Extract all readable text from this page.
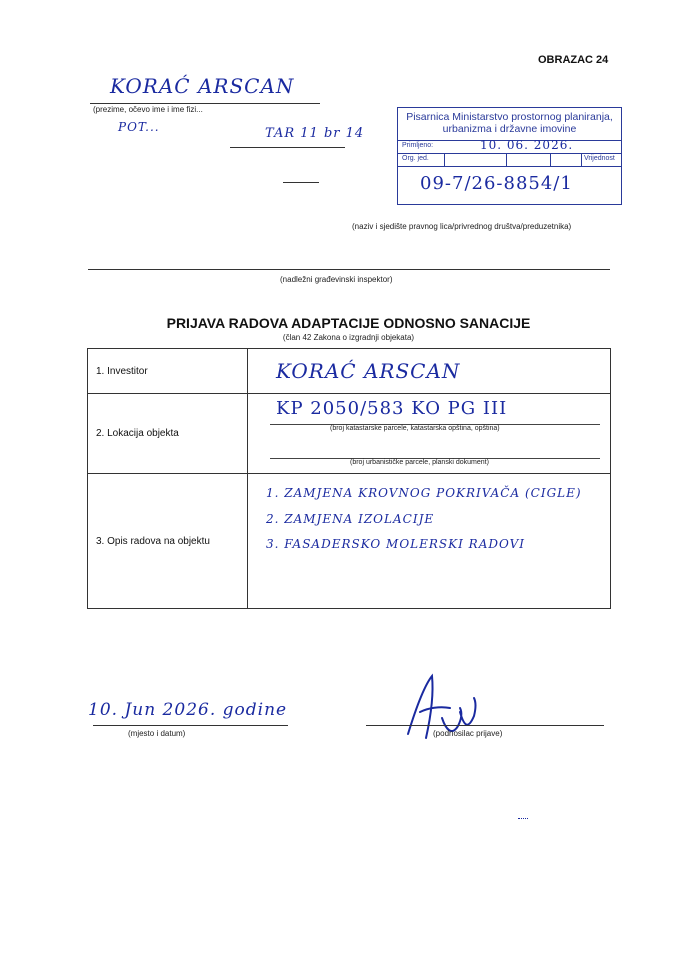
OBRAZAC 24
KORAĆ ARSCAN
(prezime, očevo ime i ime fizi...
POT...	TAR 11 br 14
Pisarnica Ministarstvo prostornog planiranja, urbanizma i državne imovine
Primljeno:	10. 06. 2026.
Org. jed.	Vrijednost
09-7/26-8854/1
(naziv i sjedište pravnog lica/privrednog društva/preduzetnika)
(nadležni građevinski inspektor)
PRIJAVA RADOVA ADAPTACIJE ODNOSNO SANACIJE
(član 42 Zakona o izgradnji objekata)
1. Investitor	KORAĆ ARSCAN

2. Lokacija objekta	KP 2050/583 KO PG III
(broj katastarske parcele, katastarska opština, opština)
(broj urbanističke parcele, planski dokument)

3. Opis radova na objektu	1. ZAMJENA KROVNOG POKRIVAČA (CIGLE)
2. ZAMJENA IZOLACIJE
3. FASADERSKO MOLERSKI RADOVI
10. Jun 2026. godine
(mjesto i datum)	(podnosilac prijave)
